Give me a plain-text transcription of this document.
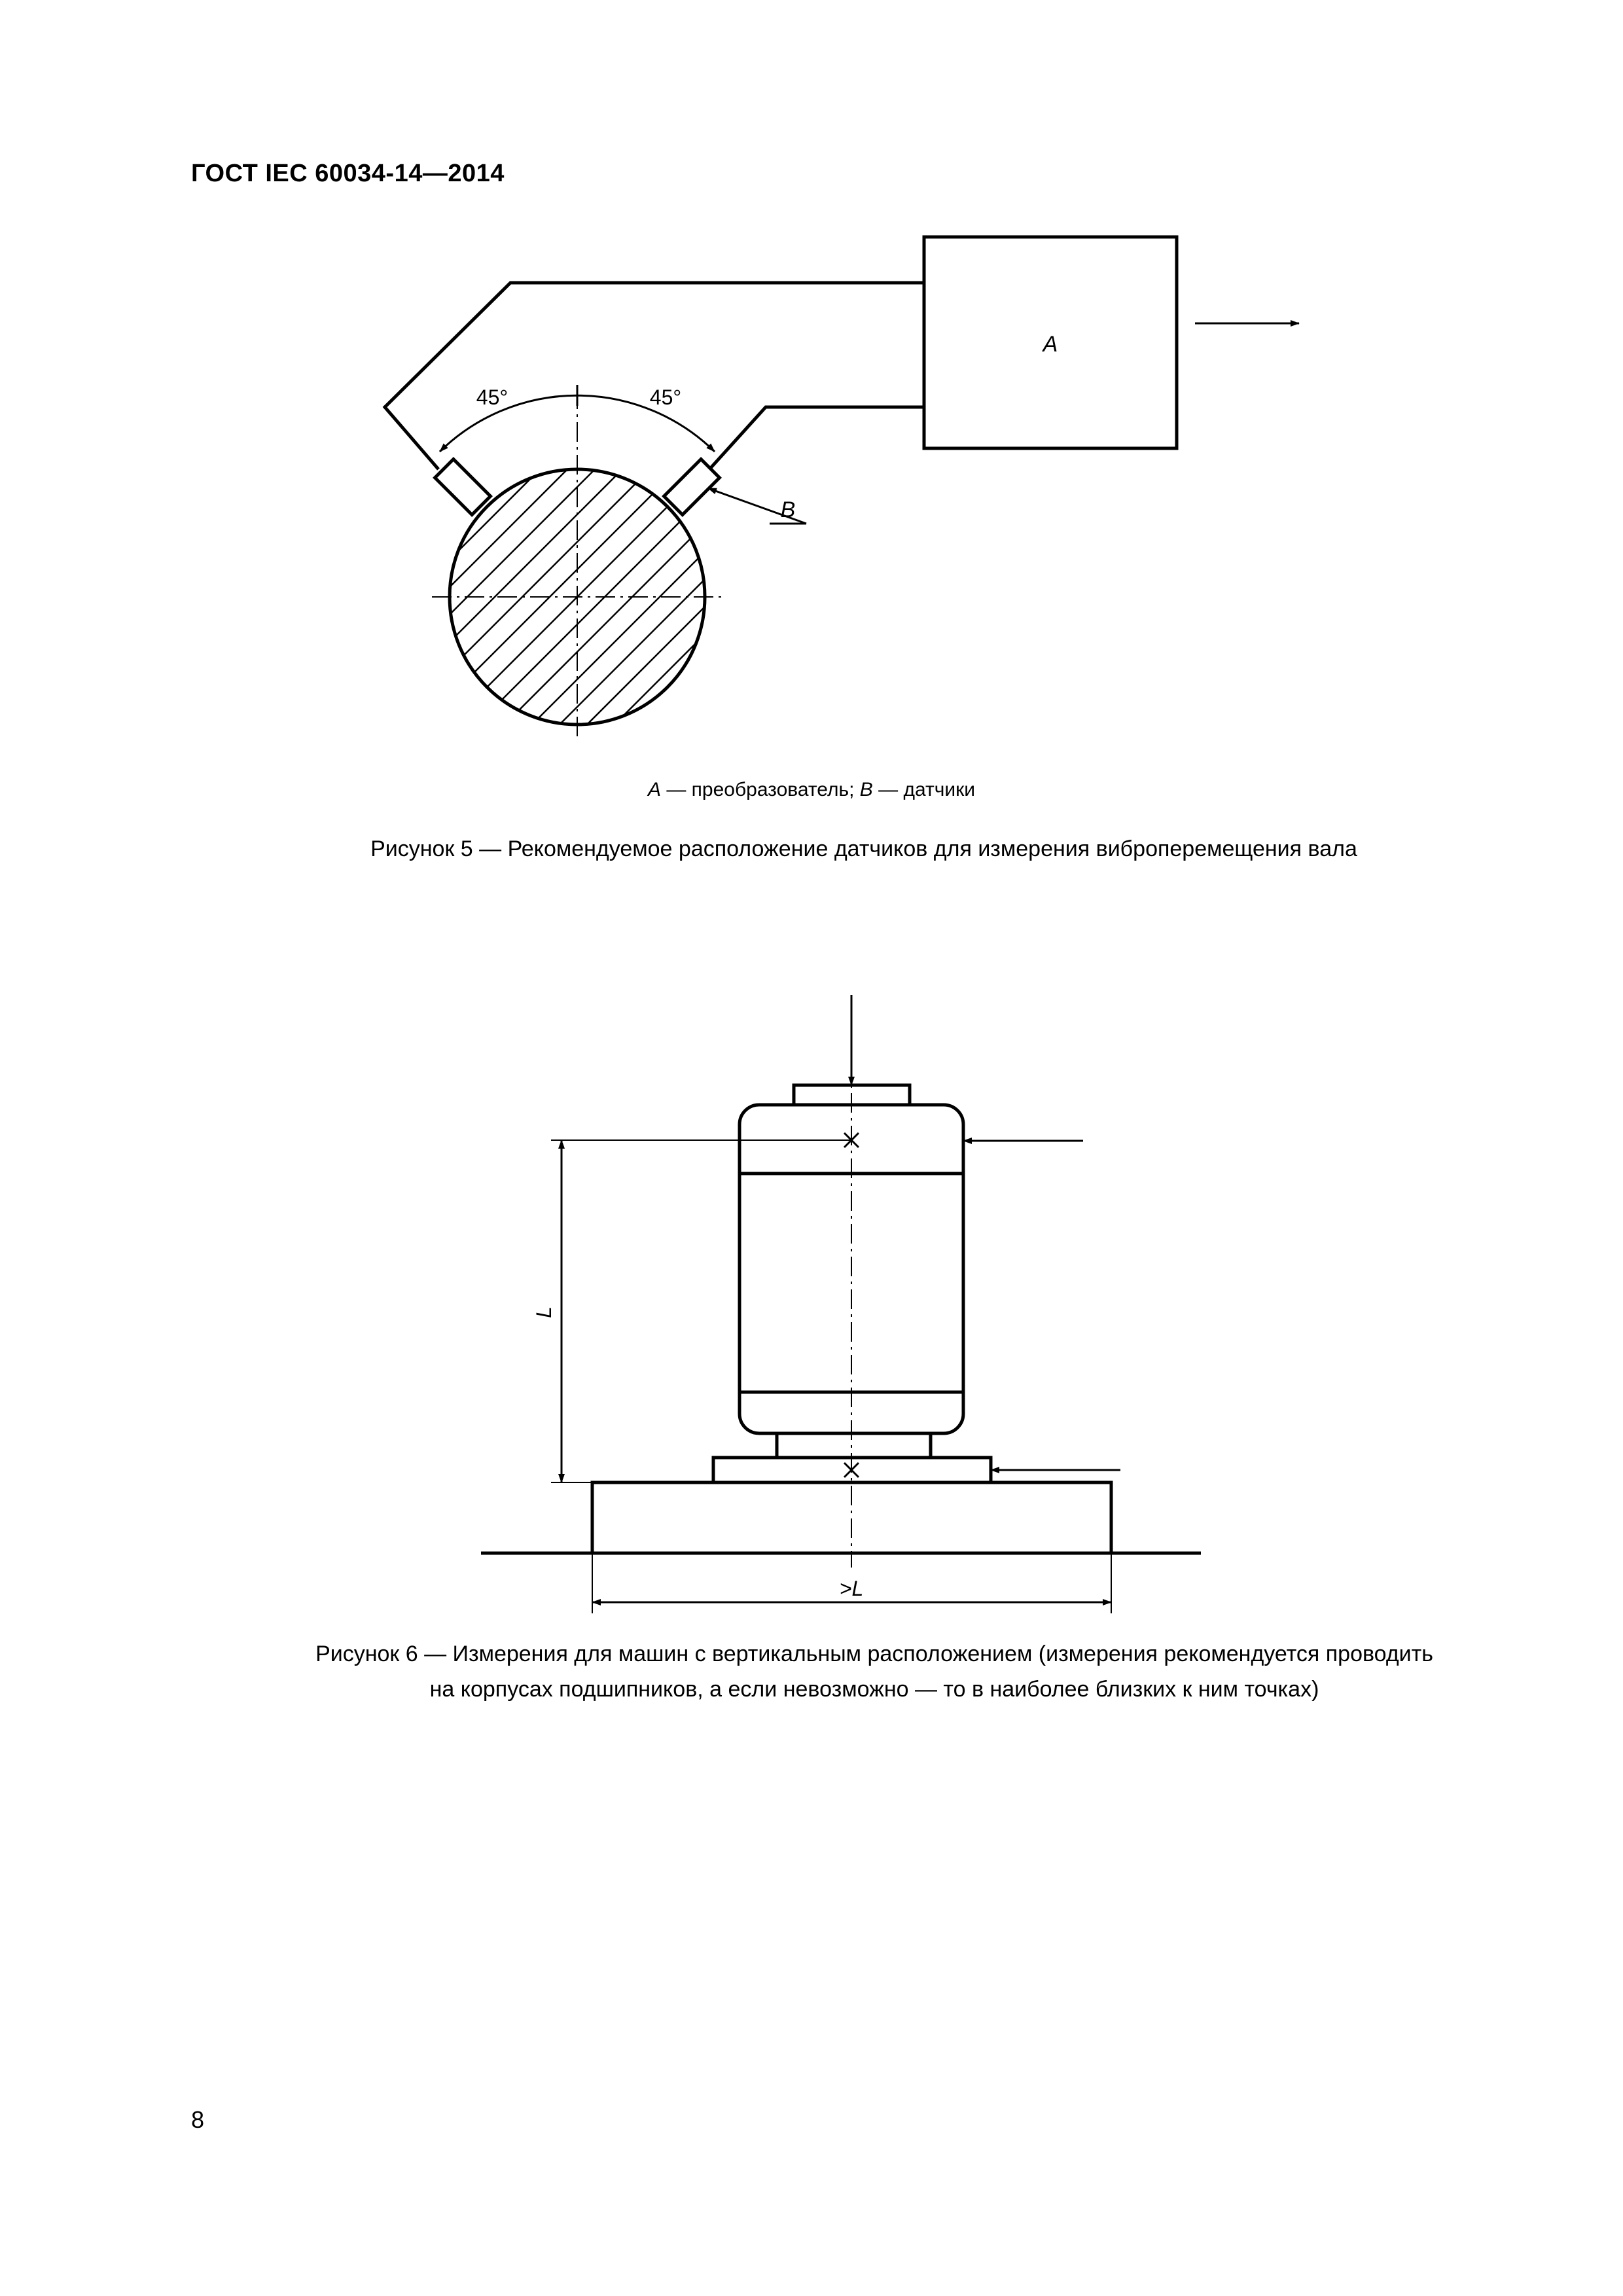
ГОСТ IEC 60034-14—2014
45°	45°
A
B
A — преобразователь; B — датчики
Рисунок 5 — Рекомендуемое расположение датчиков для измерения виброперемещения вала
L
>L
Рисунок 6 — Измерения для машин с вертикальным расположением (измерения рекомендуется проводить
на корпусах подшипников, а если невозможно — то в наиболее близких к ним точках)
8
